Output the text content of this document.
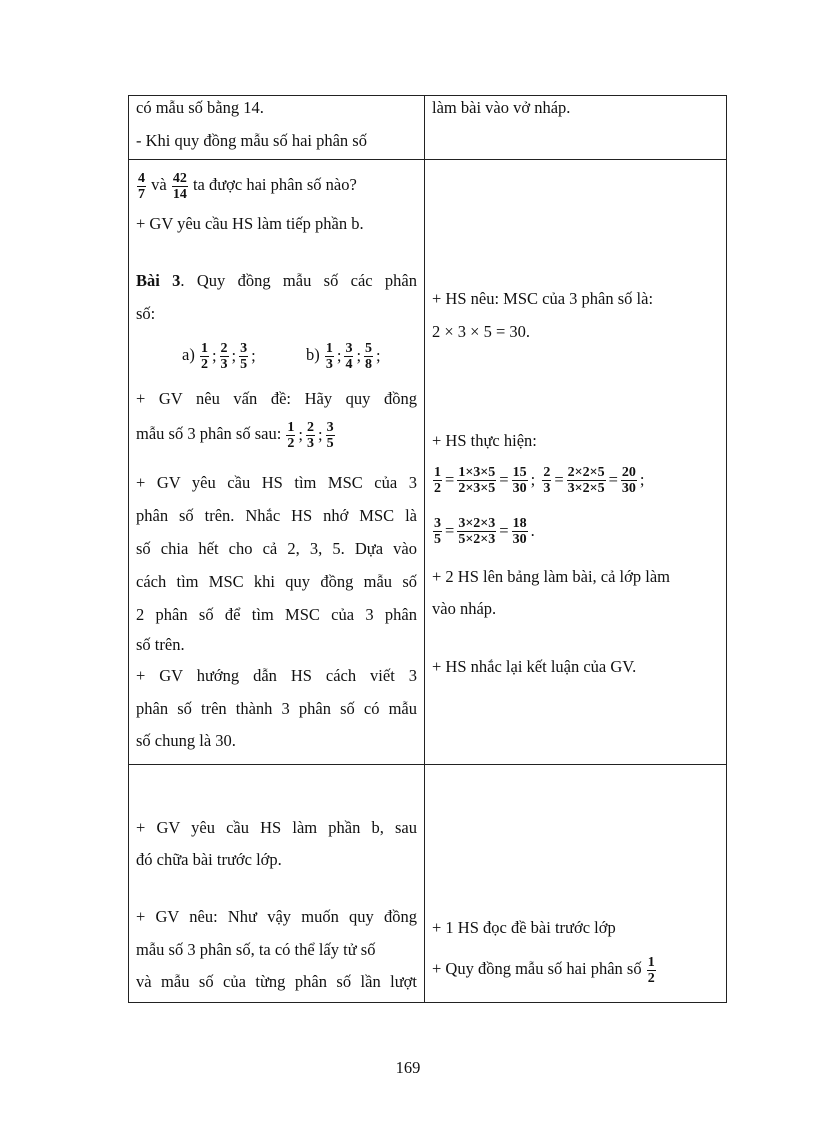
có mẫu số bằng 14.
- Khi quy đồng mẫu số hai phân số
làm bài vào vở nháp.
$\frac{4}{7}$ và $\frac{42}{14}$ ta được hai phân số nào?
+ GV yêu cầu HS làm tiếp phần b.
Bài 3. Quy đồng mẫu số các phân
số:
$a) \frac{1}{2}$ ; $\frac{2}{3}$ ; $\frac{3}{5}$ ;	$b) \frac{1}{3}$ ; $\frac{3}{4}$ ; $\frac{5}{8}$ ;
+ GV nêu vấn đề: Hãy quy đồng
mẫu số 3 phân số sau: $\frac{1}{2}$ ; $\frac{2}{3}$ ; $\frac{3}{5}$
+ GV yêu cầu HS tìm MSC của 3
phân số trên. Nhắc HS nhớ MSC là
số chia hết cho cả 2, 3, 5. Dựa vào
cách tìm MSC khi quy đồng mẫu số
2 phân số để tìm MSC của 3 phân
số trên.
+ GV hướng dẫn HS cách viết 3
phân số trên thành 3 phân số có mẫu
số chung là 30.
+ HS nêu: MSC của 3 phân số là:
2 × 3 × 5 = 30.
+ HS thực hiện:
$\frac{1}{2} = \frac{1\times 3\times 5}{2\times 3\times 5} = \frac{15}{30}$ ; $\frac{2}{3} = \frac{2\times 2\times 5}{3\times 2\times 5} = \frac{20}{30}$ ;
$\frac{3}{5} = \frac{3\times 2\times 3}{5\times 2\times 3} = \frac{18}{30}$ .
+ 2 HS lên bảng làm bài, cả lớp làm
vào nháp.
+ HS nhắc lại kết luận của GV.
+ GV yêu cầu HS làm phần b, sau
đó chữa bài trước lớp.
+ GV nêu: Như vậy muốn quy đồng
mẫu số 3 phân số, ta có thể lấy tử số
và mẫu số của từng phân số lần lượt
+ 1 HS đọc đề bài trước lớp
+ Quy đồng mẫu số hai phân số $\frac{1}{2}$
169
